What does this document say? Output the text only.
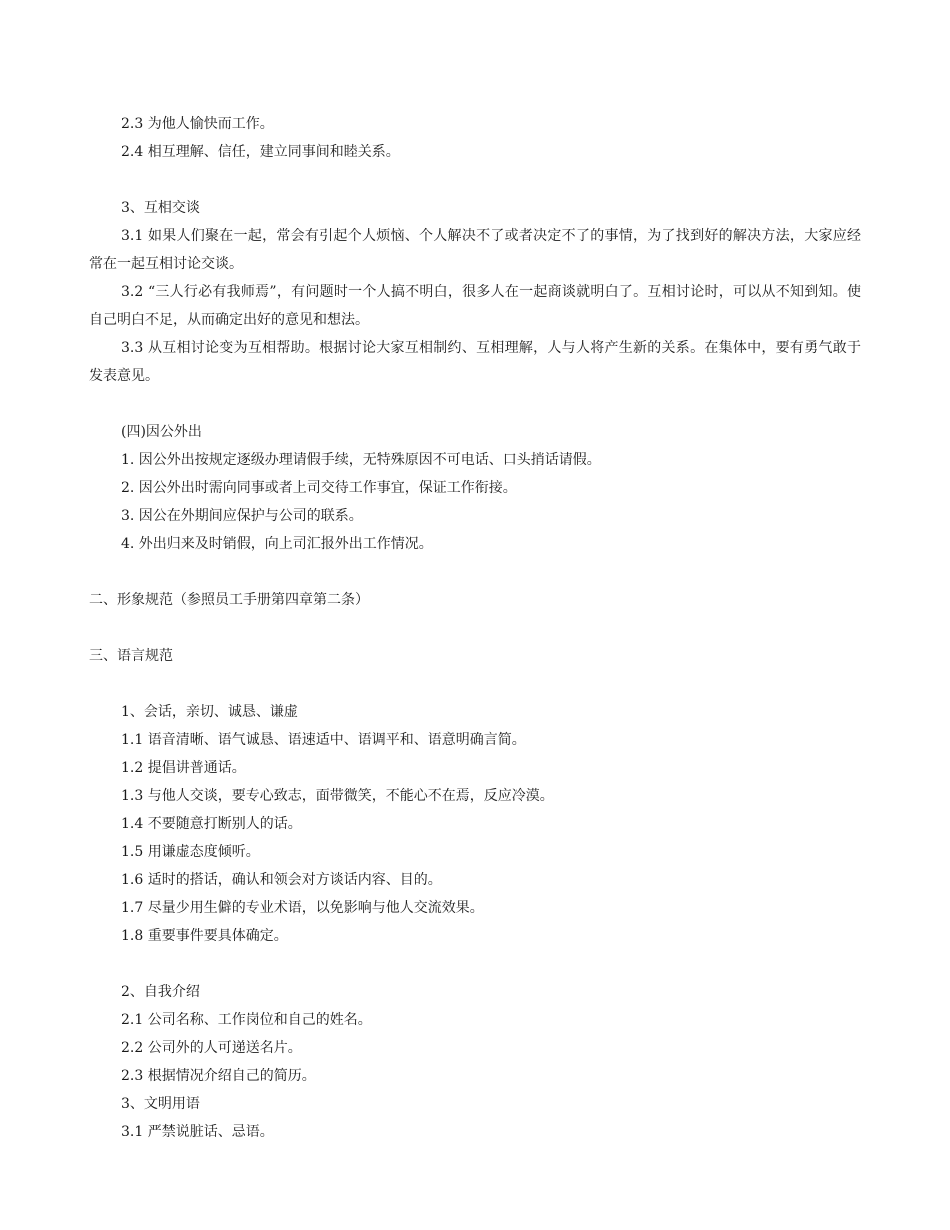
2.3 为他人愉快而工作。

2.4 相互理解、信任，建立同事间和睦关系。

3、互相交谈

3.1 如果人们聚在一起，常会有引起个人烦恼、个人解决不了或者决定不了的事情，为了找到好的解决方法，大家应经常在一起互相讨论交谈。

3.2 “三人行必有我师焉”，有问题时一个人搞不明白，很多人在一起商谈就明白了。互相讨论时，可以从不知到知。使自己明白不足，从而确定出好的意见和想法。

3.3 从互相讨论变为互相帮助。根据讨论大家互相制约、互相理解，人与人将产生新的关系。在集体中，要有勇气敢于发表意见。

(四)因公外出

1. 因公外出按规定逐级办理请假手续，无特殊原因不可电话、口头捎话请假。

2. 因公外出时需向同事或者上司交待工作事宜，保证工作衔接。

3. 因公在外期间应保护与公司的联系。

4. 外出归来及时销假，向上司汇报外出工作情况。

二、形象规范（参照员工手册第四章第二条）

三、语言规范

1、会话，亲切、诚恳、谦虚

1.1 语音清晰、语气诚恳、语速适中、语调平和、语意明确言简。

1.2 提倡讲普通话。

1.3 与他人交谈，要专心致志，面带微笑，不能心不在焉，反应冷漠。

1.4 不要随意打断别人的话。

1.5 用谦虚态度倾听。

1.6 适时的搭话，确认和领会对方谈话内容、目的。

1.7 尽量少用生僻的专业术语，以免影响与他人交流效果。

1.8 重要事件要具体确定。

2、自我介绍

2.1 公司名称、工作岗位和自己的姓名。

2.2 公司外的人可递送名片。

2.3 根据情况介绍自己的简历。

3、文明用语

3.1 严禁说脏话、忌语。
